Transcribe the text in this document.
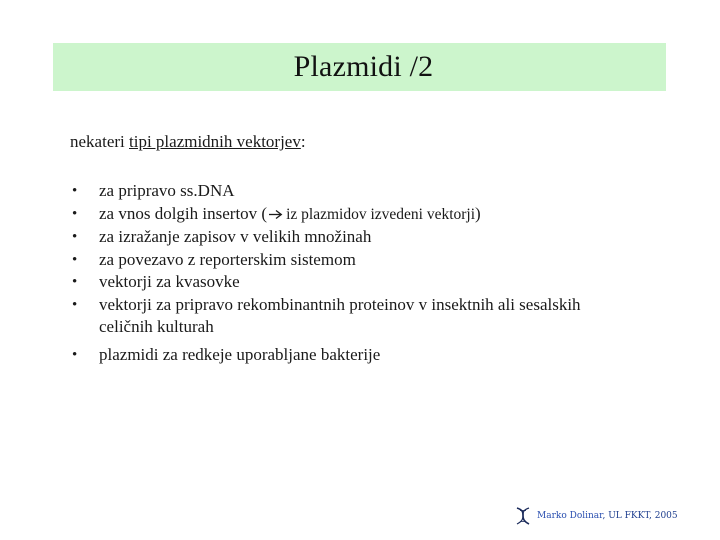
Plazmidi /2
nekateri tipi plazmidnih vektorjev:
• za pripravo ss.DNA
• za vnos dolgih insertov ( iz plazmidov izvedeni vektorji)
• za izražanje zapisov v velikih množinah
• za povezavo z reporterskim sistemom
• vektorji za kvasovke
• vektorji za pripravo rekombinantnih proteinov v insektnih ali sesalskih celičnih kulturah
• plazmidi za redkeje uporabljane bakterije
Marko Dolinar, UL FKKT, 2005
